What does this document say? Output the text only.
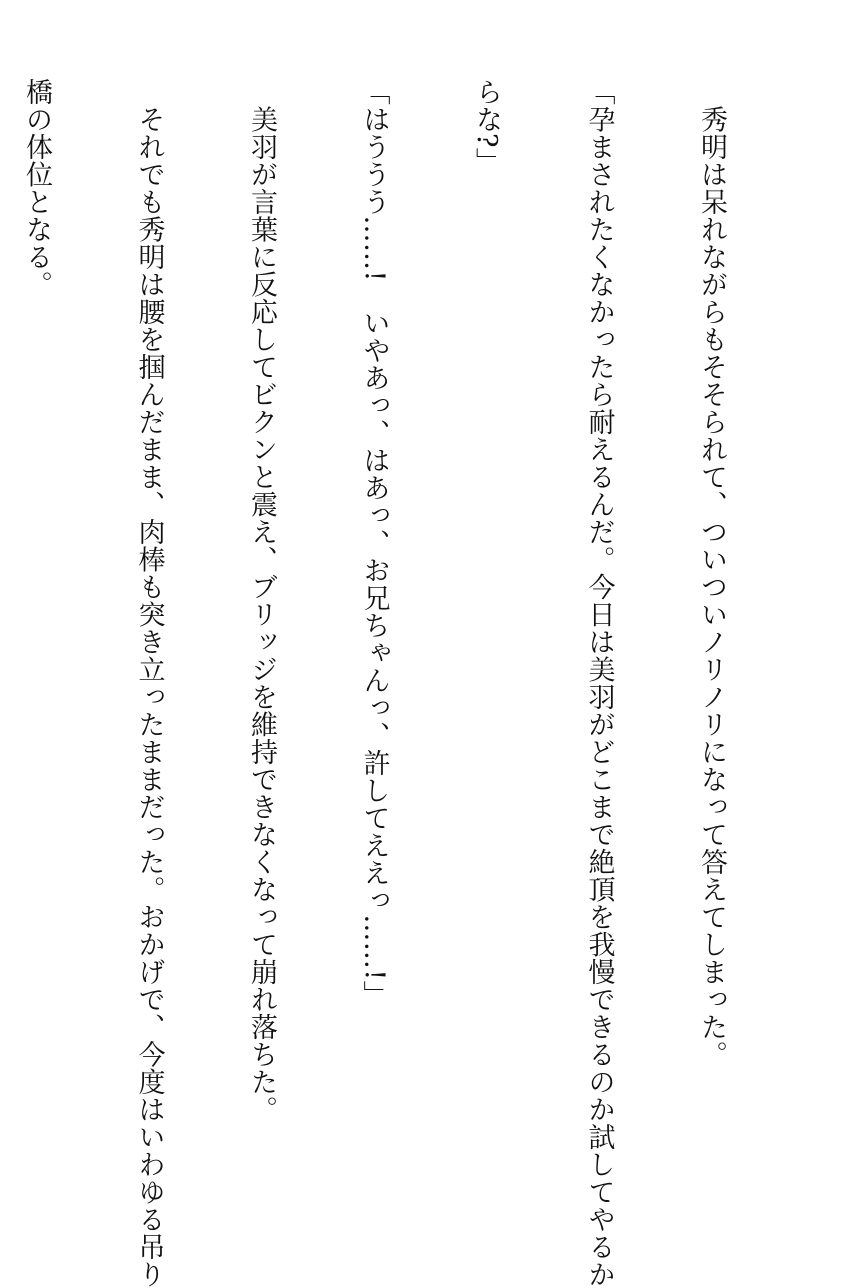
　秀明は呆れながらもそそられて、ついついノリノリになって答えてしまった。

「孕まされたくなかったら耐えるんだ。今日は美羽がどこまで絶頂を我慢できるのか試してやるか

らな?」

「はううう……!　いやあっ、はあっ、お兄ちゃんっ、許してええっ……!」

　美羽が言葉に反応してビクンと震え、ブリッジを維持できなくなって崩れ落ちた。

　それでも秀明は腰を掴んだまま、肉棒も突き立ったままだった。おかげで、今度はいわゆる吊り

橋の体位となる。
